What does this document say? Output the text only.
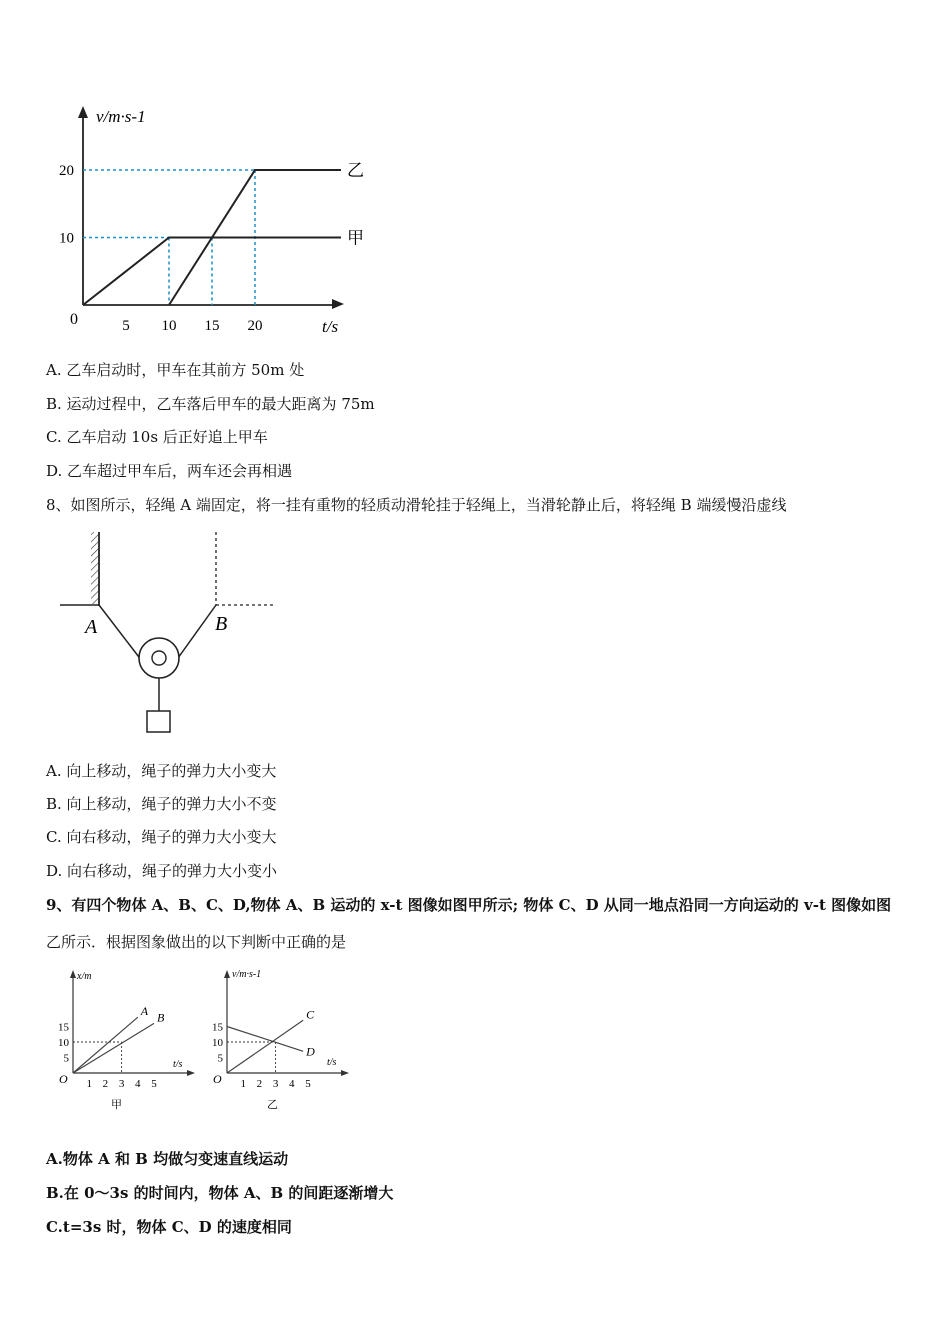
v/m·s-1
t/s
0	5 10 15 20
10
20
甲
乙
A. 乙车启动时，甲车在其前方 50m 处
B. 运动过程中，乙车落后甲车的最大距离为 75m
C. 乙车启动 10s 后正好追上甲车
D. 乙车超过甲车后，两车还会再相遇
8、如图所示，轻绳 A 端固定，将一挂有重物的轻质动滑轮挂于轻绳上，当滑轮静止后，将轻绳 B 端缓慢沿虚线
A	B
A. 向上移动，绳子的弹力大小变大
B. 向上移动，绳子的弹力大小不变
C. 向右移动，绳子的弹力大小变大
D. 向右移动，绳子的弹力大小变小
9、有四个物体 A、B、C、D,物体 A、B 运动的 x-t 图像如图甲所示; 物体 C、D 从同一地点沿同一方向运动的 v-t 图像如图
乙所示．根据图象做出的以下判断中正确的是
x/m
t/s
O
甲
1 2 3 4 5
5
10
15
A B
v/m·s-1
t/s
O
乙
1 2 3 4 5
5
10
15
C
D
A.物体 A 和 B 均做匀变速直线运动
B.在 0～3s 的时间内，物体 A、B 的间距逐渐增大
C.t=3s 时，物体 C、D 的速度相同
